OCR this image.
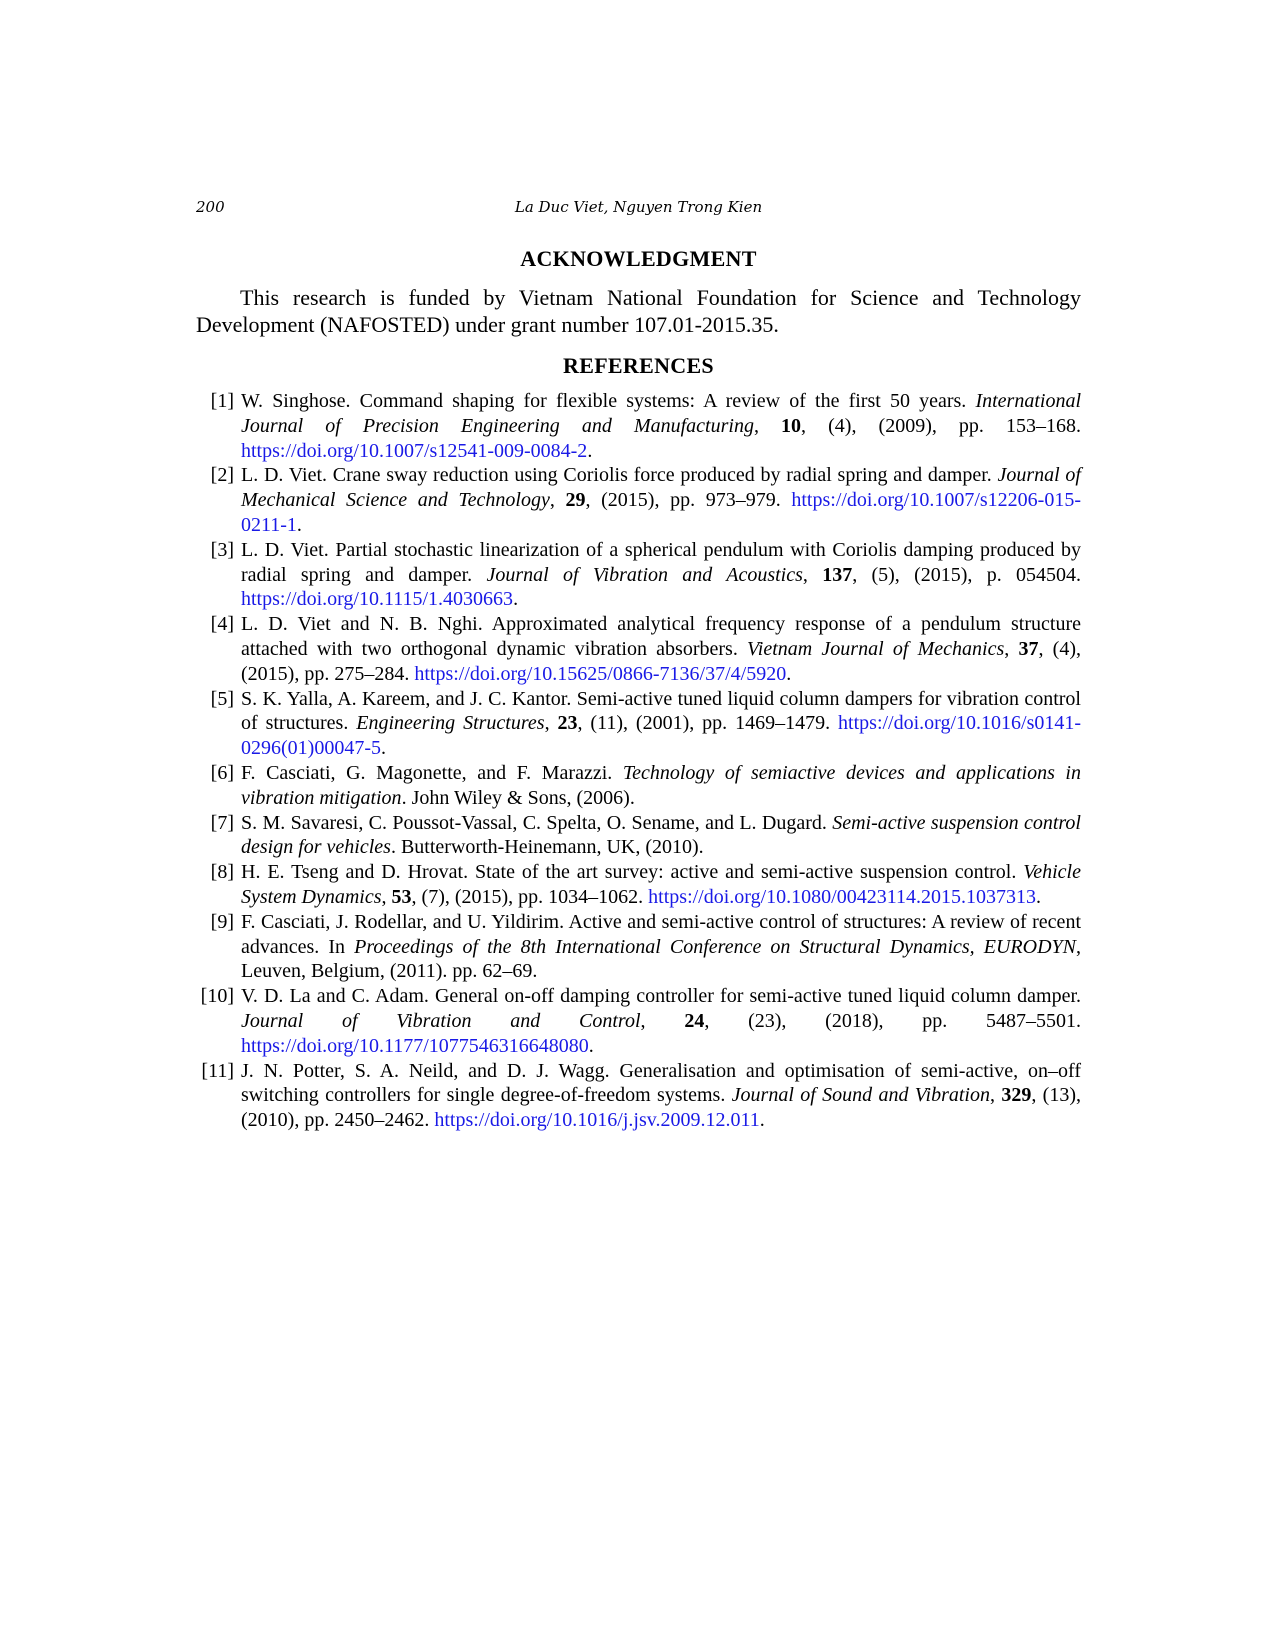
200	La Duc Viet, Nguyen Trong Kien
ACKNOWLEDGMENT

This research is funded by Vietnam National Foundation for Science and Technology Development (NAFOSTED) under grant number 107.01-2015.35.

REFERENCES
[1] W. Singhose. Command shaping for flexible systems: A review of the first 50 years. International Journal of Precision Engineering and Manufacturing, 10, (4), (2009), pp. 153–168. https://doi.org/10.1007/s12541-009-0084-2.
[2] L. D. Viet. Crane sway reduction using Coriolis force produced by radial spring and damper. Journal of Mechanical Science and Technology, 29, (2015), pp. 973–979. https://doi.org/10.1007/s12206-015-0211-1.
[3] L. D. Viet. Partial stochastic linearization of a spherical pendulum with Coriolis damping produced by radial spring and damper. Journal of Vibration and Acoustics, 137, (5), (2015), p. 054504. https://doi.org/10.1115/1.4030663.
[4] L. D. Viet and N. B. Nghi. Approximated analytical frequency response of a pendulum structure attached with two orthogonal dynamic vibration absorbers. Vietnam Journal of Mechanics, 37, (4), (2015), pp. 275–284. https://doi.org/10.15625/0866-7136/37/4/5920.
[5] S. K. Yalla, A. Kareem, and J. C. Kantor. Semi-active tuned liquid column dampers for vibration control of structures. Engineering Structures, 23, (11), (2001), pp. 1469–1479. https://doi.org/10.1016/s0141-0296(01)00047-5.
[6] F. Casciati, G. Magonette, and F. Marazzi. Technology of semiactive devices and applications in vibration mitigation. John Wiley & Sons, (2006).
[7] S. M. Savaresi, C. Poussot-Vassal, C. Spelta, O. Sename, and L. Dugard. Semi-active suspension control design for vehicles. Butterworth-Heinemann, UK, (2010).
[8] H. E. Tseng and D. Hrovat. State of the art survey: active and semi-active suspension control. Vehicle System Dynamics, 53, (7), (2015), pp. 1034–1062. https://doi.org/10.1080/00423114.2015.1037313.
[9] F. Casciati, J. Rodellar, and U. Yildirim. Active and semi-active control of structures: A review of recent advances. In Proceedings of the 8th International Conference on Structural Dynamics, EURODYN, Leuven, Belgium, (2011). pp. 62–69.
[10] V. D. La and C. Adam. General on-off damping controller for semi-active tuned liquid column damper. Journal of Vibration and Control, 24, (23), (2018), pp. 5487–5501. https://doi.org/10.1177/1077546316648080.
[11] J. N. Potter, S. A. Neild, and D. J. Wagg. Generalisation and optimisation of semi-active, on–off switching controllers for single degree-of-freedom systems. Journal of Sound and Vibration, 329, (13), (2010), pp. 2450–2462. https://doi.org/10.1016/j.jsv.2009.12.011.
